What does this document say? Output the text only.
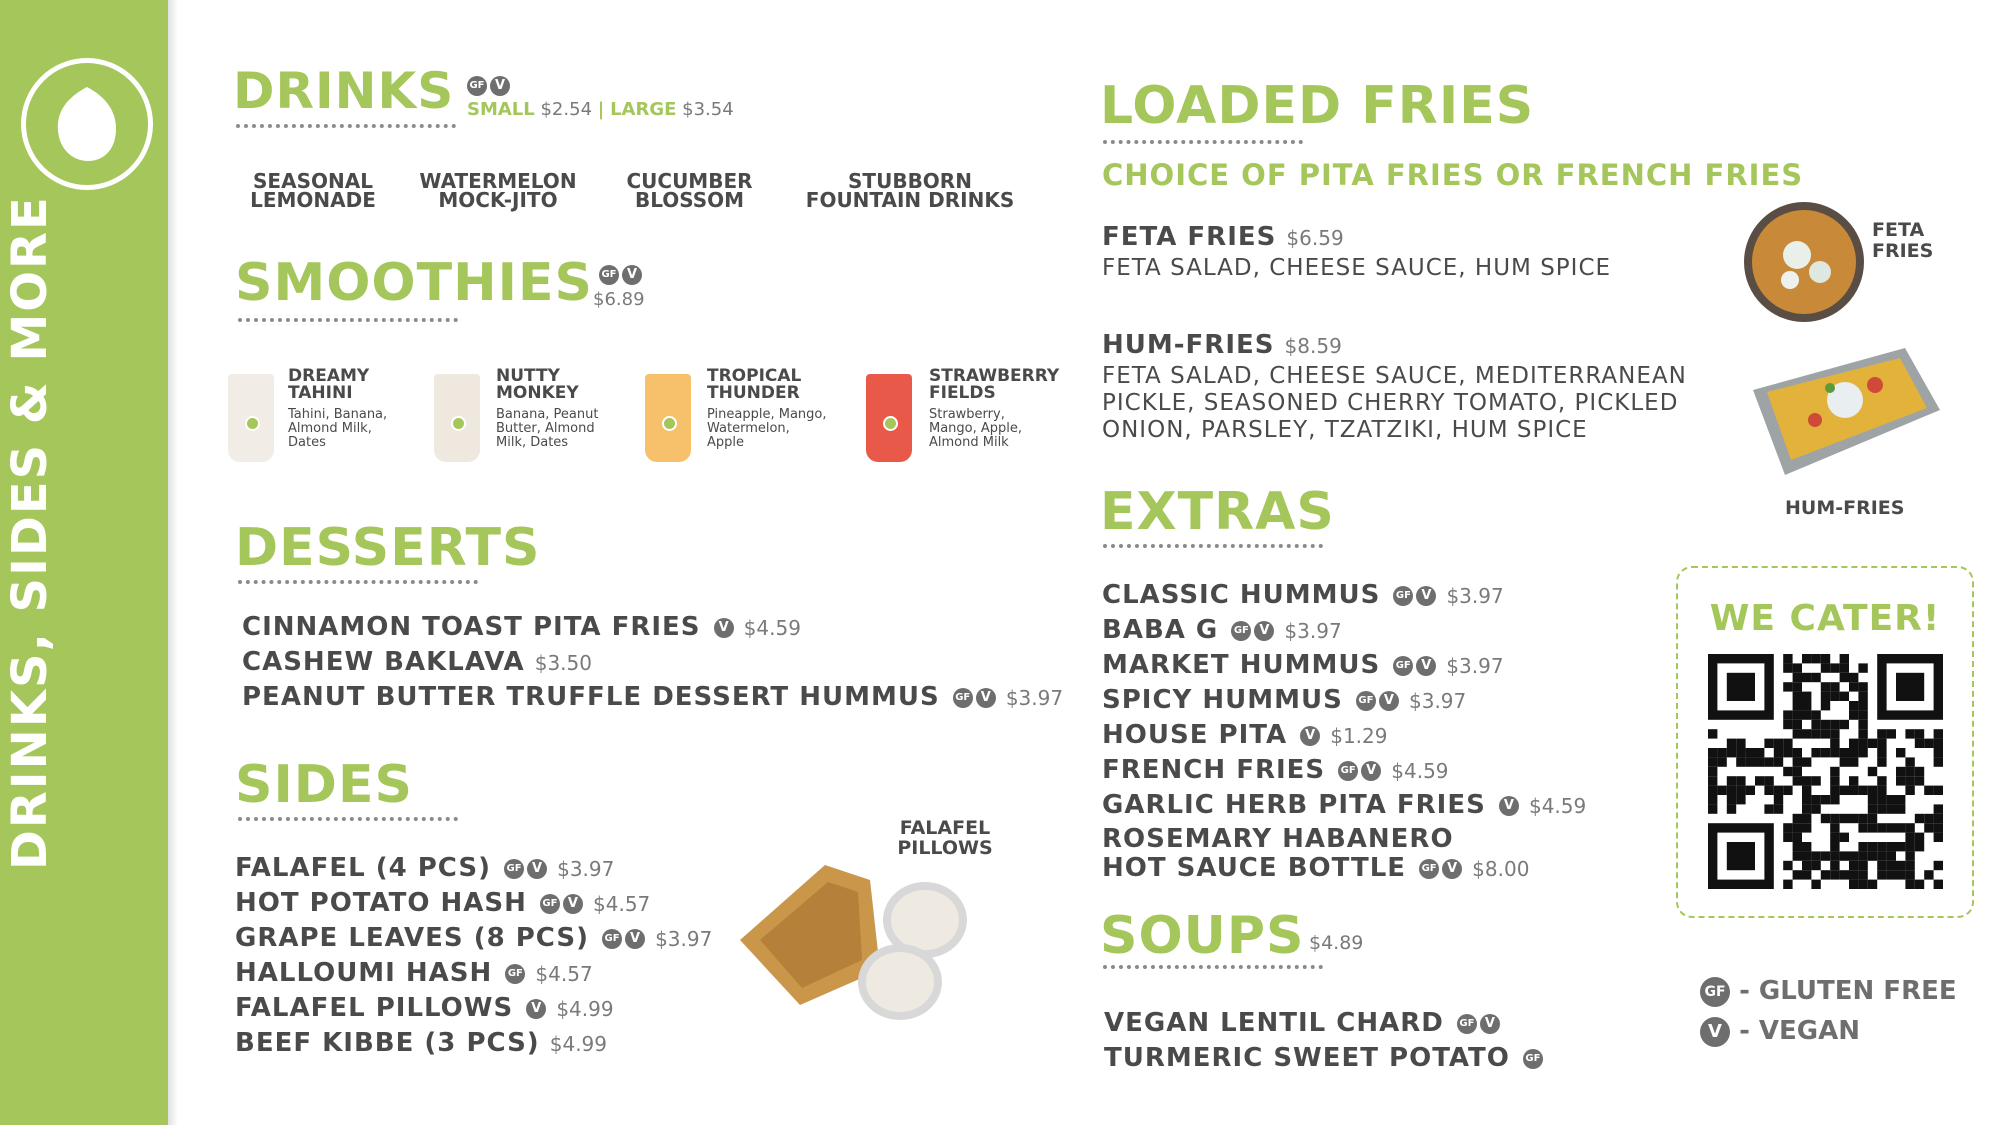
DRINKS, SIDES & MORE
DRINKS	GF V
SMALL $2.54 | LARGE $3.54
SEASONAL
LEMONADE
WATERMELON
MOCK-JITO
CUCUMBER
BLOSSOM
STUBBORN
FOUNTAIN DRINKS
SMOOTHIES GF V
$6.89
DREAMY
TAHINI
Tahini, Banana,
Almond Milk,
Dates
NUTTY
MONKEY
Banana, Peanut
Butter, Almond
Milk, Dates
TROPICAL
THUNDER
Pineapple, Mango,
Watermelon,
Apple
STRAWBERRY
FIELDS
Strawberry,
Mango, Apple,
Almond Milk
DESSERTS
CINNAMON TOAST PITA FRIES V $4.59
CASHEW BAKLAVA $3.50
PEANUT BUTTER TRUFFLE DESSERT HUMMUS GF V $3.97
SIDES
FALAFEL (4 PCS) GF V $3.97
HOT POTATO HASH GF V $4.57
GRAPE LEAVES (8 PCS) GF V $3.97
HALLOUMI HASH GF $4.57
FALAFEL PILLOWS V $4.99
BEEF KIBBE (3 PCS) $4.99
FALAFEL
PILLOWS
LOADED FRIES
CHOICE OF PITA FRIES OR FRENCH FRIES
FETA FRIES $6.59
FETA SALAD, CHEESE SAUCE, HUM SPICE
HUM-FRIES $8.59
FETA SALAD, CHEESE SAUCE, MEDITERRANEAN
PICKLE, SEASONED CHERRY TOMATO, PICKLED
ONION, PARSLEY, TZATZIKI, HUM SPICE
FETA
FRIES
HUM-FRIES
EXTRAS
CLASSIC HUMMUS GF V $3.97
BABA G GF V $3.97
MARKET HUMMUS GF V $3.97
SPICY HUMMUS GF V $3.97
HOUSE PITA V $1.29
FRENCH FRIES GF V $4.59
GARLIC HERB PITA FRIES V $4.59
ROSEMARY HABANERO
HOT SAUCE BOTTLE GF V $8.00
SOUPS $4.89
VEGAN LENTIL CHARD GF V
TURMERIC SWEET POTATO GF
WE CATER!
GF - GLUTEN FREE
V - VEGAN
